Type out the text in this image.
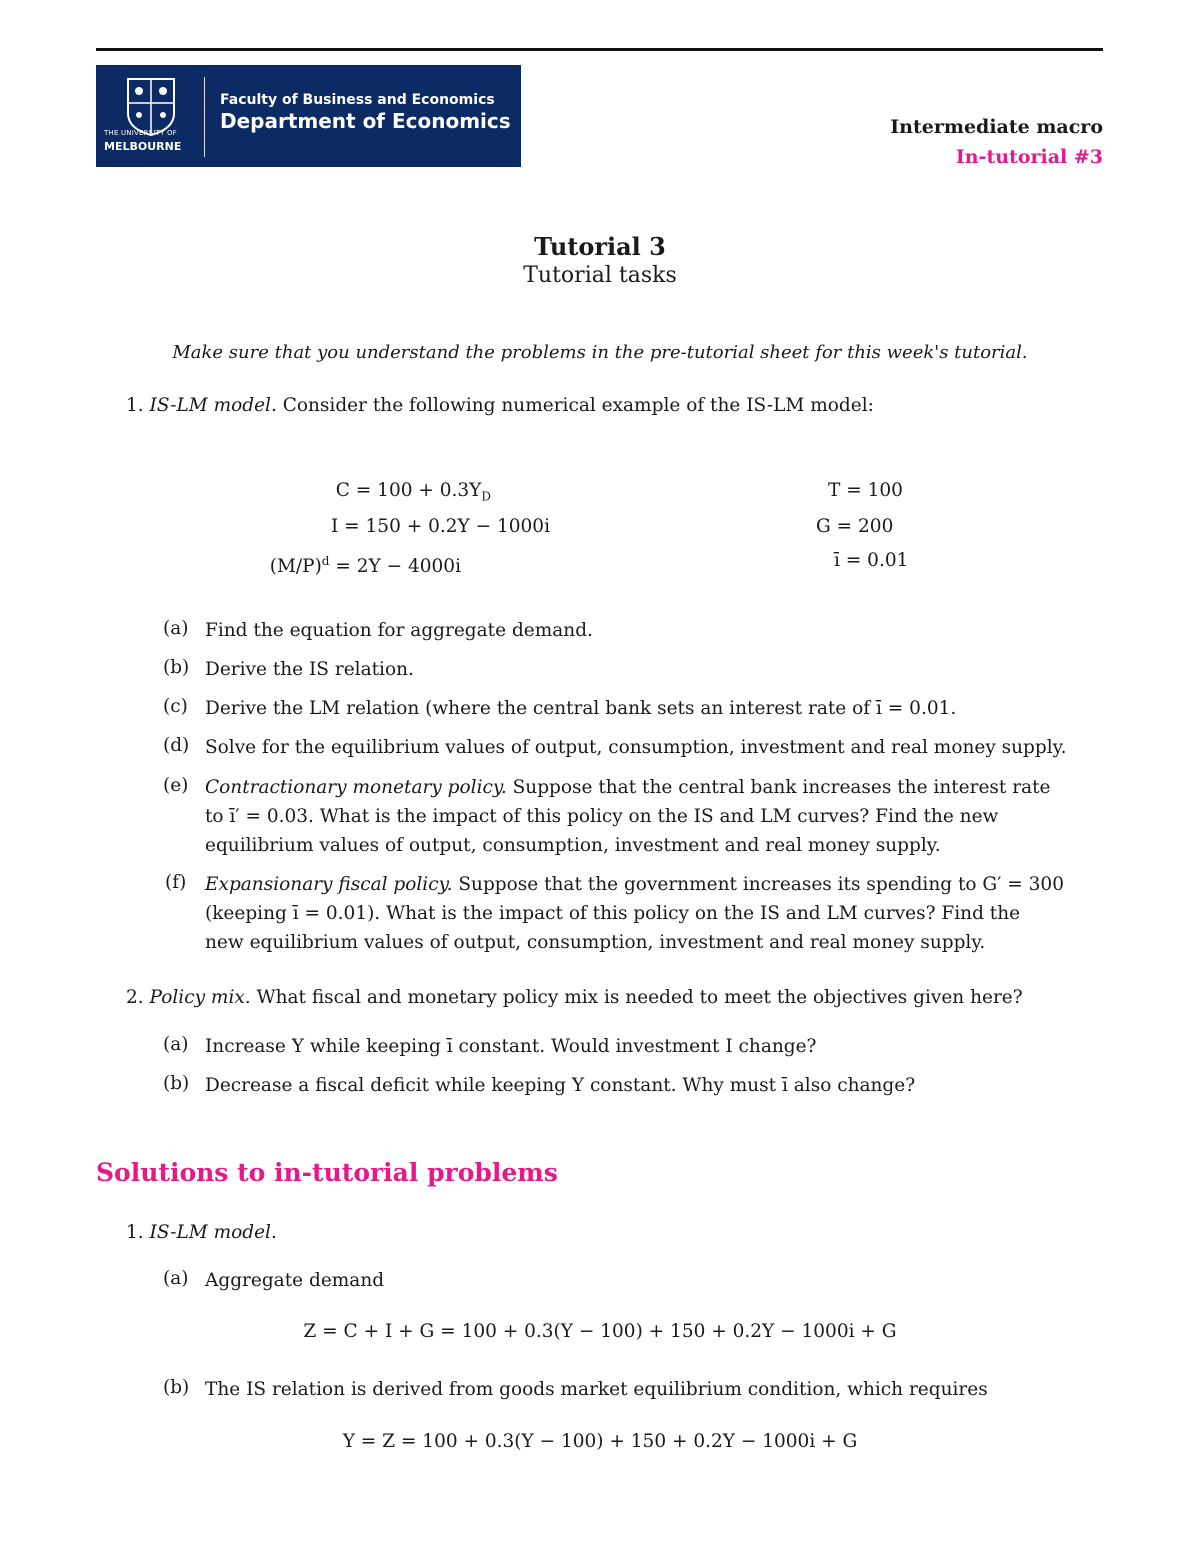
THE UNIVERSITY OF
MELBOURNE
Faculty of Business and Economics
Department of Economics	Intermediate macro
In-tutorial #3
Tutorial 3
Tutorial tasks
Make sure that you understand the problems in the pre-tutorial sheet for this week's tutorial.
1. IS-LM model. Consider the following numerical example of the IS-LM model:
$C = 100 + 0.3Y_D$
I = 150 + 0.2Y − 1000i
$(M/P)^d = 2Y - 4000i$
T = 100
G = 200
ī = 0.01
(a) Find the equation for aggregate demand.
(b) Derive the IS relation.
(c) Derive the LM relation (where the central bank sets an interest rate of ī = 0.01.
(d) Solve for the equilibrium values of output, consumption, investment and real money supply.
(e) Contractionary monetary policy. Suppose that the central bank increases the interest rate
to ī′ = 0.03. What is the impact of this policy on the IS and LM curves? Find the new
equilibrium values of output, consumption, investment and real money supply.
(f) Expansionary fiscal policy. Suppose that the government increases its spending to G′ = 300
(keeping ī = 0.01). What is the impact of this policy on the IS and LM curves? Find the
new equilibrium values of output, consumption, investment and real money supply.
2. Policy mix. What fiscal and monetary policy mix is needed to meet the objectives given here?
(a) Increase Y while keeping ī constant. Would investment I change?
(b) Decrease a fiscal deficit while keeping Y constant. Why must ī also change?
Solutions to in-tutorial problems
1. IS-LM model.
(a) Aggregate demand
Z = C + I + G = 100 + 0.3(Y − 100) + 150 + 0.2Y − 1000i + G
(b) The IS relation is derived from goods market equilibrium condition, which requires
Y = Z = 100 + 0.3(Y − 100) + 150 + 0.2Y − 1000i + G
